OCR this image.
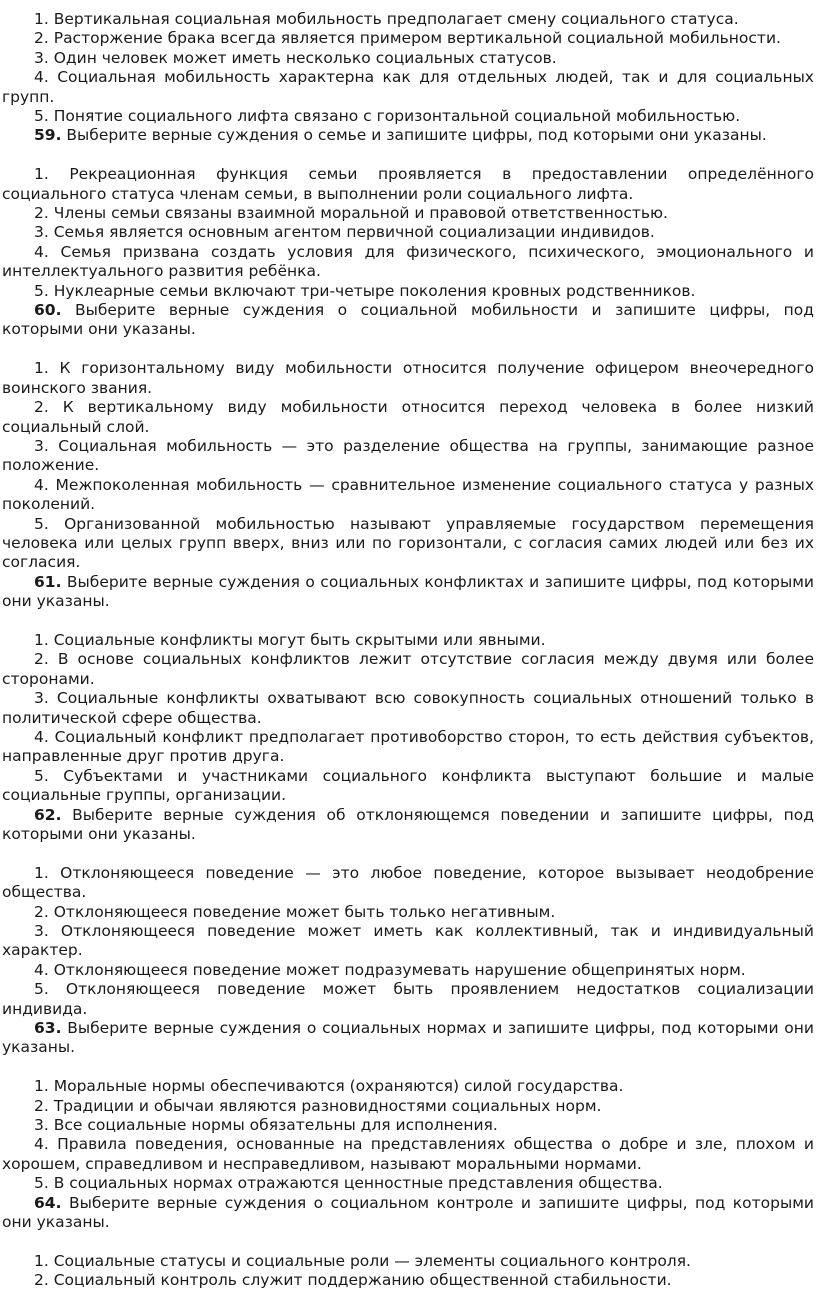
1. Вертикальная социальная мобильность предполагает смену социального статуса.

2. Расторжение брака всегда является примером вертикальной социальной мобильности.

3. Один человек может иметь несколько социальных статусов.

4. Социальная мобильность характерна как для отдельных людей, так и для социальных групп.

5. Понятие социального лифта связано с горизонтальной социальной мобильностью.

59. Выберите верные суждения о семье и запишите цифры, под которыми они указаны.

1. Рекреационная функция семьи проявляется в предоставлении определённого социального статуса членам семьи, в выполнении роли социального лифта.

2. Члены семьи связаны взаимной моральной и правовой ответственностью.

3. Семья является основным агентом первичной социализации индивидов.

4. Семья призвана создать условия для физического, психического, эмоционального и интеллектуального развития ребёнка.

5. Нуклеарные семьи включают три-четыре поколения кровных родственников.

60. Выберите верные суждения о социальной мобильности и запишите цифры, под которыми они указаны.

1. К горизонтальному виду мобильности относится получение офицером внеочередного воинского звания.

2. К вертикальному виду мобильности относится переход человека в более низкий социальный слой.

3. Социальная мобильность — это разделение общества на группы, занимающие разное положение.

4. Межпоколенная мобильность — сравнительное изменение социального статуса у разных поколений.

5. Организованной мобильностью называют управляемые государством перемещения человека или целых групп вверх, вниз или по горизонтали, с согласия самих людей или без их согласия.

61. Выберите верные суждения о социальных конфликтах и запишите цифры, под которыми они указаны.

1. Социальные конфликты могут быть скрытыми или явными.

2. В основе социальных конфликтов лежит отсутствие согласия между двумя или более сторонами.

3. Социальные конфликты охватывают всю совокупность социальных отношений только в политической сфере общества.

4. Социальный конфликт предполагает противоборство сторон, то есть действия субъектов, направленные друг против друга.

5. Субъектами и участниками социального конфликта выступают большие и малые социальные группы, организации.

62. Выберите верные суждения об отклоняющемся поведении и запишите цифры, под которыми они указаны.

1. Отклоняющееся поведение — это любое поведение, которое вызывает неодобрение общества.

2. Отклоняющееся поведение может быть только негативным.

3. Отклоняющееся поведение может иметь как коллективный, так и индивидуальный характер.

4. Отклоняющееся поведение может подразумевать нарушение общепринятых норм.

5. Отклоняющееся поведение может быть проявлением недостатков социализации индивида.

63. Выберите верные суждения о социальных нормах и запишите цифры, под которыми они указаны.

1. Моральные нормы обеспечиваются (охраняются) силой государства.

2. Традиции и обычаи являются разновидностями социальных норм.

3. Все социальные нормы обязательны для исполнения.

4. Правила поведения, основанные на представлениях общества о добре и зле, плохом и хорошем, справедливом и несправедливом, называют моральными нормами.

5. В социальных нормах отражаются ценностные представления общества.

64. Выберите верные суждения о социальном контроле и запишите цифры, под которыми они указаны.

1. Социальные статусы и социальные роли — элементы социального контроля.

2. Социальный контроль служит поддержанию общественной стабильности.
